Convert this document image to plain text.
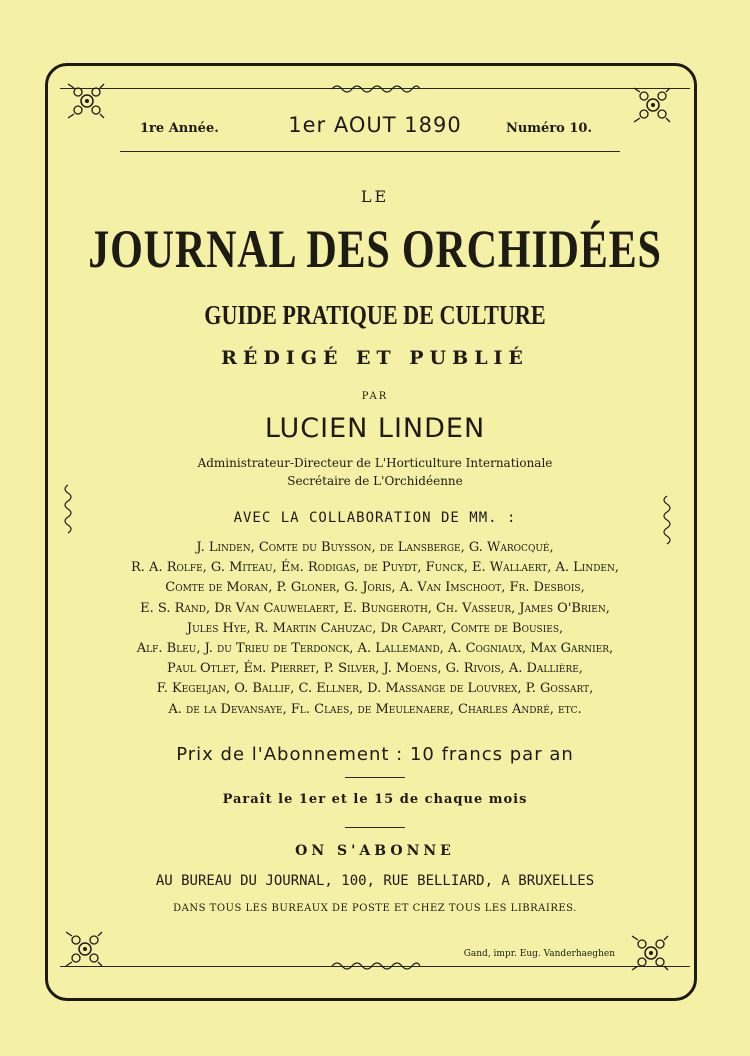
1re Année.	1er AOUT 1890	Numéro 10.
LE
JOURNAL DES ORCHIDÉES
GUIDE PRATIQUE DE CULTURE
RÉDIGÉ ET PUBLIÉ
PAR
LUCIEN LINDEN
Administrateur-Directeur de L'Horticulture Internationale
Secrétaire de L'Orchidéenne
AVEC LA COLLABORATION DE MM. :
J. Linden, Comte du Buysson, de Lansberge, G. Warocqué,
R. A. Rolfe, G. Miteau, Ém. Rodigas, de Puydt, Funck, E. Wallaert, A. Linden,
Comte de Moran, P. Gloner, G. Joris, A. Van Imschoot, Fr. Desbois,
E. S. Rand, Dr Van Cauwelaert, E. Bungeroth, Ch. Vasseur, James O'Brien,
Jules Hye, R. Martin Cahuzac, Dr Capart, Comte de Bousies,
Alf. Bleu, J. du Trieu de Terdonck, A. Lallemand, A. Cogniaux, Max Garnier,
Paul Otlet, Ém. Pierret, P. Silver, J. Moens, G. Rivois, A. Dallière,
F. Kegeljan, O. Ballif, C. Ellner, D. Massange de Louvrex, P. Gossart,
A. de la Devansaye, Fl. Claes, de Meulenaere, Charles André, etc.
Prix de l'Abonnement : 10 francs par an
Paraît le 1er et le 15 de chaque mois
ON S'ABONNE
AU BUREAU DU JOURNAL, 100, RUE BELLIARD, A BRUXELLES
DANS TOUS LES BUREAUX DE POSTE ET CHEZ TOUS LES LIBRAIRES.
Gand, impr. Eug. Vanderhaeghen
